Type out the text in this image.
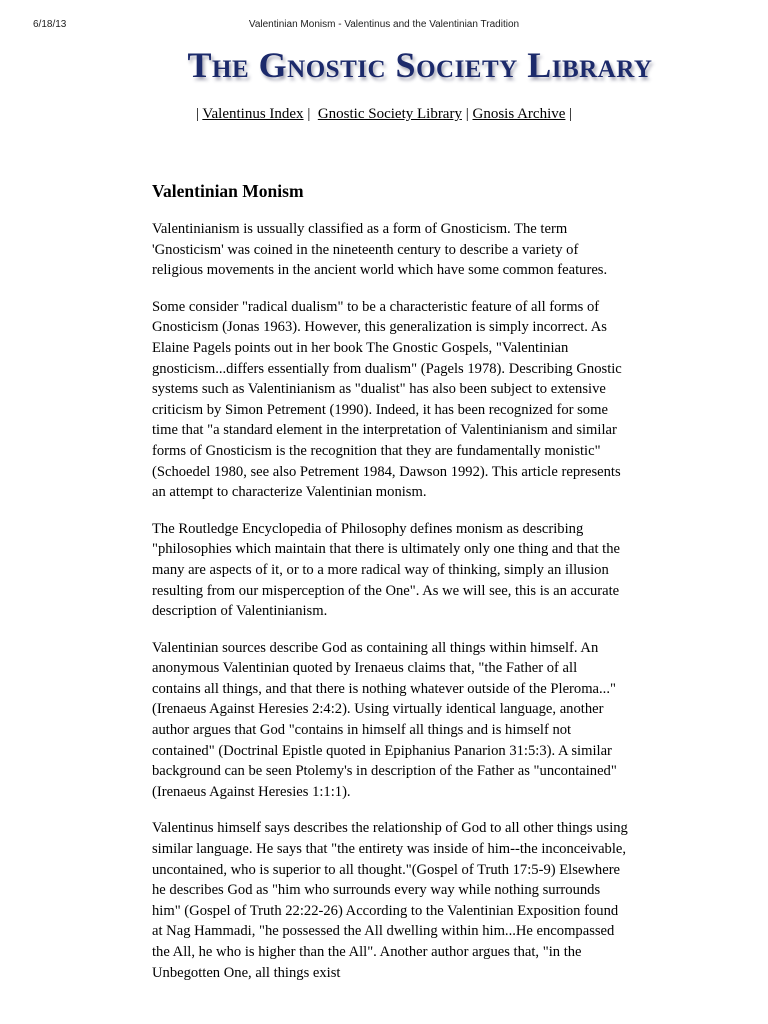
6/18/13	Valentinian Monism - Valentinus and the Valentinian Tradition
The Gnostic Society Library
| Valentinus Index | Gnostic Society Library | Gnosis Archive |
Valentinian Monism

Valentinianism is ussually classified as a form of Gnosticism. The term 'Gnosticism' was coined in the nineteenth century to describe a variety of religious movements in the ancient world which have some common features.

Some consider "radical dualism" to be a characteristic feature of all forms of Gnosticism (Jonas 1963). However, this generalization is simply incorrect. As Elaine Pagels points out in her book The Gnostic Gospels, "Valentinian gnosticism...differs essentially from dualism" (Pagels 1978). Describing Gnostic systems such as Valentinianism as "dualist" has also been subject to extensive criticism by Simon Petrement (1990). Indeed, it has been recognized for some time that "a standard element in the interpretation of Valentinianism and similar forms of Gnosticism is the recognition that they are fundamentally monistic" (Schoedel 1980, see also Petrement 1984, Dawson 1992). This article represents an attempt to characterize Valentinian monism.

The Routledge Encyclopedia of Philosophy defines monism as describing "philosophies which maintain that there is ultimately only one thing and that the many are aspects of it, or to a more radical way of thinking, simply an illusion resulting from our misperception of the One". As we will see, this is an accurate description of Valentinianism.

Valentinian sources describe God as containing all things within himself. An anonymous Valentinian quoted by Irenaeus claims that, "the Father of all contains all things, and that there is nothing whatever outside of the Pleroma..." (Irenaeus Against Heresies 2:4:2). Using virtually identical language, another author argues that God "contains in himself all things and is himself not contained" (Doctrinal Epistle quoted in Epiphanius Panarion 31:5:3). A similar background can be seen Ptolemy's in description of the Father as "uncontained" (Irenaeus Against Heresies 1:1:1).

Valentinus himself says describes the relationship of God to all other things using similar language. He says that "the entirety was inside of him--the inconceivable, uncontained, who is superior to all thought."(Gospel of Truth 17:5-9) Elsewhere he describes God as "him who surrounds every way while nothing surrounds him" (Gospel of Truth 22:22-26) According to the Valentinian Exposition found at Nag Hammadi, "he possessed the All dwelling within him...He encompassed the All, he who is higher than the All". Another author argues that, "in the Unbegotten One, all things exist
